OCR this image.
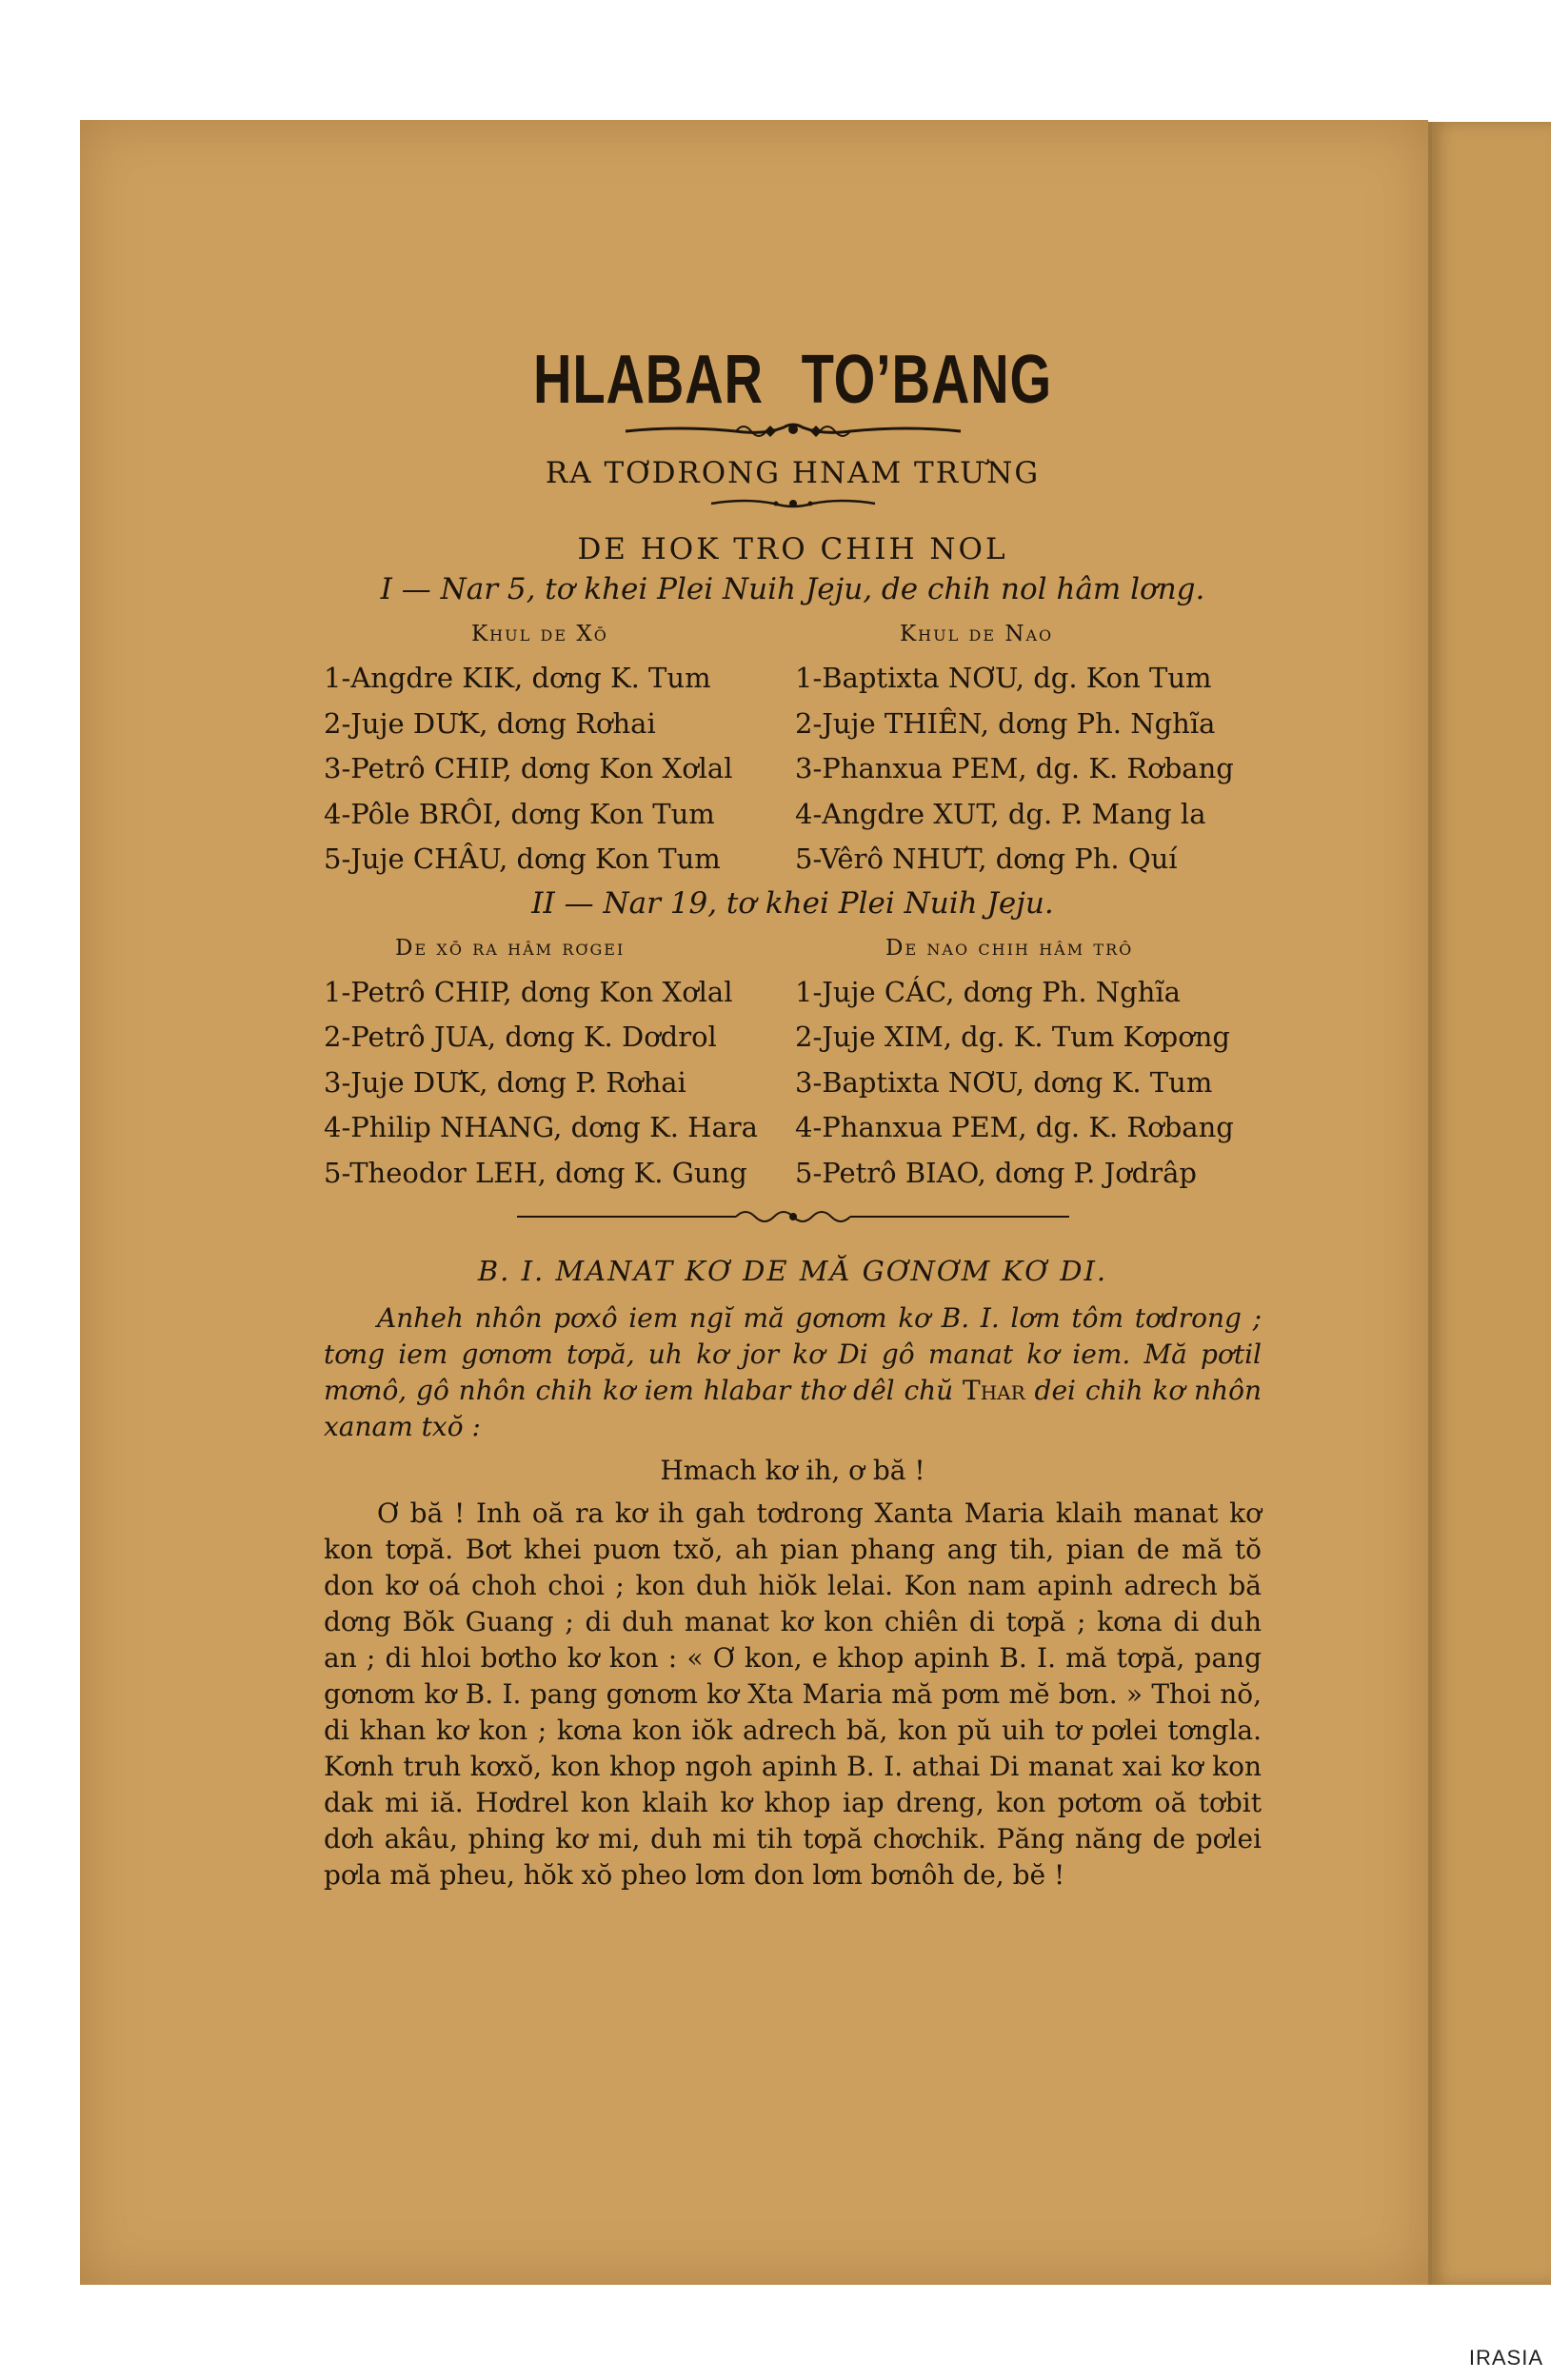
HLABAR TO’BANG
RA TƠDRONG HNAM TRƯNG
DE HOK TRO CHIH NOL
I — Nar 5, tơ khei Plei Nuih Jeju, de chih nol hâm lơng.
Khul de Xō
1-Angdre KIK, dơng K. Tum
2-Juje DƯK, dơng Rơhai
3-Petrô CHIP, dơng Kon Xơlal
4-Pôle BRÔI, dơng Kon Tum
5-Juje CHÂU, dơng Kon Tum
Khul de Nao
1-Baptixta NƠU, dg. Kon Tum
2-Juje THIÊN, dơng Ph. Nghĩa
3-Phanxua PEM, dg. K. Rơbang
4-Angdre XUT, dg. P. Mang la
5-Vêrô NHƯT, dơng Ph. Quí
II — Nar 19, tơ khei Plei Nuih Jeju.
De xō ra hâm rơgei
1-Petrô CHIP, dơng Kon Xơlal
2-Petrô JUA, dơng K. Dơdrol
3-Juje DƯK, dơng P. Rơhai
4-Philip NHANG, dơng K. Hara
5-Theodor LEH, dơng K. Gung
De nao chih hâm trô
1-Juje CÁC, dơng Ph. Nghĩa
2-Juje XIM, dg. K. Tum Kơpơng
3-Baptixta NƠU, dơng K. Tum
4-Phanxua PEM, dg. K. Rơbang
5-Petrô BIAO, dơng P. Jơdrâp
B. I. MANAT KƠ DE MĂ GƠNƠM KƠ DI.

Anheh nhôn pơxô iem ngĭ mă gơnơm kơ B. I. lơm tôm tơdrong ; tơng iem gơnơm tơpă, uh kơ jor kơ Di gô manat kơ iem. Mă pơtil mơnô, gô nhôn chih kơ iem hlabar thơ dêl chŭ Thar dei chih kơ nhôn xanam txŏ :

Hmach kơ ih, ơ bă !

Ơ bă ! Inh oă ra kơ ih gah tơdrong Xanta Maria klaih manat kơ kon tơpă. Bơt khei puơn txŏ, ah pian phang ang tih, pian de mă tŏ don kơ oá choh choi ; kon duh hiŏk lelai. Kon nam apinh adrech bă dơng Bŏk Guang ; di duh manat kơ kon chiên di tơpă ; kơna di duh an ; di hloi bơtho kơ kon : « Ơ kon, e khop apinh B. I. mă tơpă, pang gơnơm kơ B. I. pang gơnơm kơ Xta Maria mă pơm mĕ bơn. » Thoi nŏ, di khan kơ kon ; kơna kon iŏk adrech bă, kon pŭ uih tơ pơlei tơngla. Kơnh truh kơxŏ, kon khop ngoh apinh B. I. athai Di manat xai kơ kon dak mi iă. Hơdrel kon klaih kơ khop iap dreng, kon pơtơm oă tơbit dơh akâu, phing kơ mi, duh mi tih tơpă chơchik. Păng năng de pơlei pơla mă pheu, hŏk xŏ pheo lơm don lơm bơnôh de, bĕ !

IRASIA
